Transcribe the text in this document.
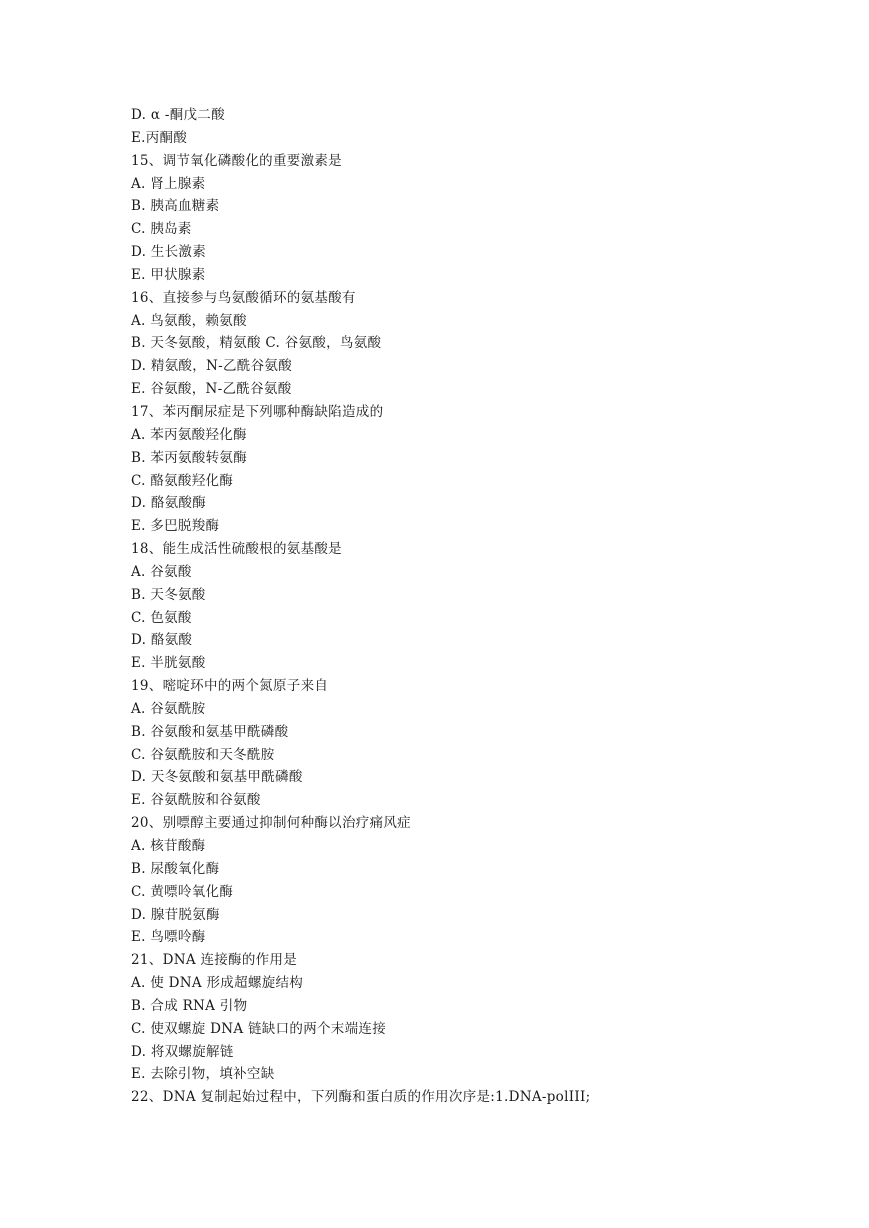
D. α -酮戊二酸
E.丙酮酸
15、调节氧化磷酸化的重要激素是
A. 肾上腺素
B. 胰高血糖素
C. 胰岛素
D. 生长激素
E. 甲状腺素
16、直接参与鸟氨酸循环的氨基酸有
A. 鸟氨酸，赖氨酸
B. 天冬氨酸，精氨酸 C. 谷氨酸，鸟氨酸
D. 精氨酸，N-乙酰谷氨酸
E. 谷氨酸，N-乙酰谷氨酸
17、苯丙酮尿症是下列哪种酶缺陷造成的
A. 苯丙氨酸羟化酶
B. 苯丙氨酸转氨酶
C. 酪氨酸羟化酶
D. 酪氨酸酶
E. 多巴脱羧酶
18、能生成活性硫酸根的氨基酸是
A. 谷氨酸
B. 天冬氨酸
C. 色氨酸
D. 酪氨酸
E. 半胱氨酸
19、嘧啶环中的两个氮原子来自
A. 谷氨酰胺
B. 谷氨酸和氨基甲酰磷酸
C. 谷氨酰胺和天冬酰胺
D. 天冬氨酸和氨基甲酰磷酸
E. 谷氨酰胺和谷氨酸
20、别嘌醇主要通过抑制何种酶以治疗痛风症
A. 核苷酸酶
B. 尿酸氧化酶
C. 黄嘌呤氧化酶
D. 腺苷脱氨酶
E. 鸟嘌呤酶
21、DNA 连接酶的作用是
A. 使 DNA 形成超螺旋结构
B. 合成 RNA 引物
C. 使双螺旋 DNA 链缺口的两个末端连接
D. 将双螺旋解链
E. 去除引物，填补空缺
22、DNA 复制起始过程中，下列酶和蛋白质的作用次序是:1.DNA-polIII;
